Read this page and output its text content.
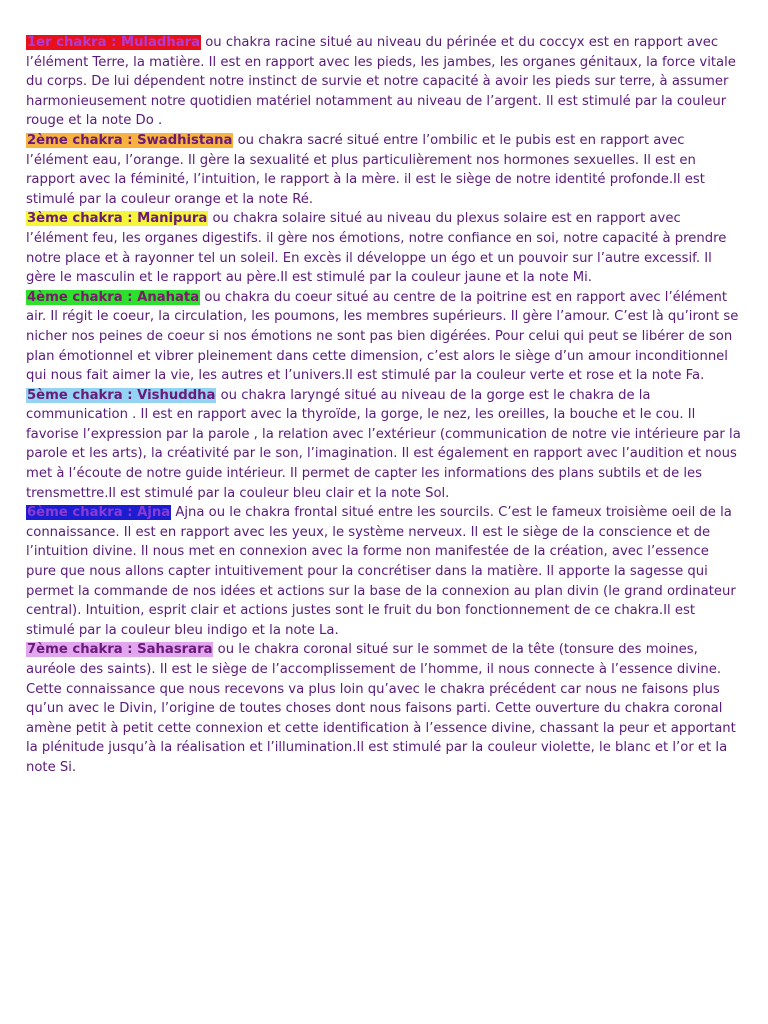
1er chakra : Muladhara ou chakra racine situé au niveau du périnée et du coccyx est en rapport avec l’élément Terre, la matière. Il est en rapport avec les pieds, les jambes, les organes génitaux, la force vitale du corps. De lui dépendent notre instinct de survie et notre capacité à avoir les pieds sur terre, à assumer harmonieusement notre quotidien matériel notamment au niveau de l’argent. Il est stimulé par la couleur rouge et la note Do .

2ème chakra : Swadhistana ou chakra sacré situé entre l’ombilic et le pubis est en rapport avec l’élément eau, l’orange. Il gère la sexualité et plus particulièrement nos hormones sexuelles. Il est en rapport avec la féminité, l’intuition, le rapport à la mère. il est le siège de notre identité profonde.Il est stimulé par la couleur orange et la note Ré.

3ème chakra : Manipura ou chakra solaire situé au niveau du plexus solaire est en rapport avec l’élément feu, les organes digestifs. il gère nos émotions, notre confiance en soi, notre capacité à prendre notre place et à rayonner tel un soleil. En excès il développe un égo et un pouvoir sur l’autre excessif. Il gère le masculin et le rapport au père.Il est stimulé par la couleur jaune et la note Mi.

4ème chakra : Anahata ou chakra du coeur situé au centre de la poitrine est en rapport avec l’élément air. Il régit le coeur, la circulation, les poumons, les membres supérieurs. Il gère l’amour. C’est là qu’iront se nicher nos peines de coeur si nos émotions ne sont pas bien digérées. Pour celui qui peut se libérer de son plan émotionnel et vibrer pleinement dans cette dimension, c’est alors le siège d’un amour inconditionnel qui nous fait aimer la vie, les autres et l’univers.Il est stimulé par la couleur verte et rose et la note Fa.

5ème chakra : Vishuddha ou chakra laryngé situé au niveau de la gorge est le chakra de la communication . Il est en rapport avec la thyroïde, la gorge, le nez, les oreilles, la bouche et le cou. Il favorise l’expression par la parole , la relation avec l’extérieur (communication de notre vie intérieure par la parole et les arts), la créativité par le son, l’imagination. Il est également en rapport avec l’audition et nous met à l’écoute de notre guide intérieur. Il permet de capter les informations des plans subtils et de les trensmettre.Il est stimulé par la couleur bleu clair et la note Sol.

6ème chakra : Ajna Ajna ou le chakra frontal situé entre les sourcils. C’est le fameux troisième oeil de la connaissance. Il est en rapport avec les yeux, le système nerveux. Il est le siège de la conscience et de l’intuition divine. Il nous met en connexion avec la forme non manifestée de la création, avec l’essence pure que nous allons capter intuitivement pour la concrétiser dans la matière. Il apporte la sagesse qui permet la commande de nos idées et actions sur la base de la connexion au plan divin (le grand ordinateur central). Intuition, esprit clair et actions justes sont le fruit du bon fonctionnement de ce chakra.Il est stimulé par la couleur bleu indigo et la note La.

7ème chakra : Sahasrara ou le chakra coronal situé sur le sommet de la tête (tonsure des moines, auréole des saints). Il est le siège de l’accomplissement de l’homme, il nous connecte à l’essence divine. Cette connaissance que nous recevons va plus loin qu’avec le chakra précédent car nous ne faisons plus qu’un avec le Divin, l’origine de toutes choses dont nous faisons parti. Cette ouverture du chakra coronal amène petit à petit cette connexion et cette identification à l’essence divine, chassant la peur et apportant la plénitude jusqu’à la réalisation et l’illumination.Il est stimulé par la couleur violette, le blanc et l’or et la note Si.
